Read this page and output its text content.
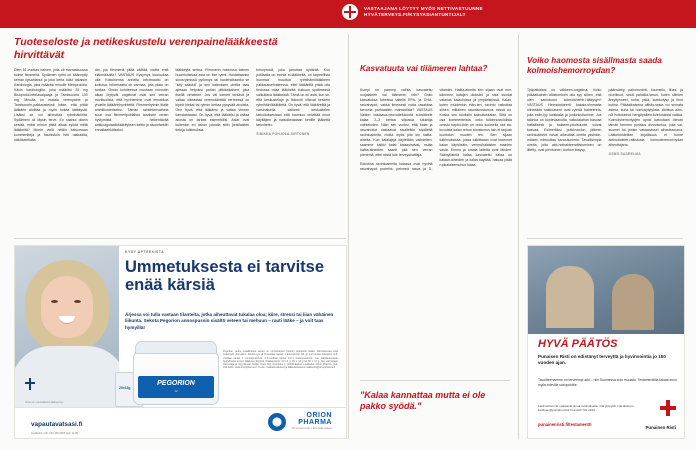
VASTAAJANA LÖYTYY MYÖS NETTIVASTUUNNE
HYVÄTERVEYS.FI/KYSYASIANTUNTIJALT
Tuoteseloste ja netikeskustelu verenpainelääkkeestä hirvittävät

Olen 51-vuotias nainen, jolla oli marraskuussa kolme flimmeriä. Sydämen rytmi on käännytty kerran lipsahtanut ja joka kerta tullut takaisin. Kardiologia, joka määräsi minulle Metoprololia. Kävin kardiologilla, joka määräsi 25 mg Bisoprolol-beetasalpaaja ja Tambocoria 100 mg. Minulla on matala verenpaine ja Tambocorin-pakkausteksti lukee, että pitää lääkärin aloittaa ja myös hoitaa lääkitystä. Lisäksi se voi aiheuttaa rytmihäiriöitä. Sydämeni oli täysin terve. En saanut oikein selvää, miksi minun pitää alkaa syödä näitä lääkkeitä? Monin vielä nettiin katsomaan kommentteja ja kauhistuin heti rakkaalta, näkökanttialta.

rän, jos flimmeriä pitää väittää, mutta entä eläinnäisalta? VASTAUS Kysymys kuuluukaa olla: Kotiuhiensa anneltu informaatio on luotuisa. Informaatio on varmaa, jota yksin on tuollaa. Oman kohdeessa muutaan minuutin aikan löytyvät ongelmat ovat sen verran monituolisia, että hyvinemme ovat ennakkoa yhdelle lääkärinhyvinteitä. Flimmerirytmin tilalle ammikuuteriseksi. Tämän rahkihtenvaiheta suuri osa flimmeripotilaista tarvitsee verien hyvtymistä heikentävää antikoagulaatiolääkityksen keitto ja aivoinfarktin ennaltaehkäiseksi.

lääkkeytä sertna. Flimmerin hoidossa toimen huomioitaivaa asia on itse rytmi. Hoidattaanko sinusrytmissä pyrkimys tai huolehditaanko se "käy sääskä" ja sen katkoksen oiretta taas ajetaan helpoksi pahan pitkäaikaisen, joka itsellä virheinen. Jos väl toimen tehtävä ja valtaa oikeastaa verennäärtätä verreessä on kipeä hiekat tai rytmin kertaa pysyvää aivoista. Onn hyvä, että lääkärisi ja valtaa virreen tomstantaatai. On hyvä, että lääkärisi ja valtaa akosta on tarkea esimerkiksi. Asiat ovat kuitenkin eri tavoin joinalla sillin jonkilaisten tietoja tutkimuksia.

brisoprololi, joka jarruttaa sydäntä. Kun potilaalla on monia ei-lääkkeitä, on tarpeellista huomaa muuttua rytmihäiriölääkkeen pakkausselosteessa, ettei lääkäriltä pitää olla tiedossa miaa lääkkeitä kuikuun sydämessä vaikuttava lääkkeistä. Tämä on eri asia, kun se, että keskusteluja ja flokoroli olisivat keskein rytmihäiriölääkkeitä. On hyvä, ettö lääkäreiltä ja varsinaisella kaikesti keskustelee tarkoituksestaan että huomioo selvittää muut käyttäjien ja naisoikeastaan kenille lääkettä tarkoitettu.

SINIKKA POHJOLA-SIRTONEN

Kasvatuuta vai tiiämeren lahtaa?

Kumpi on paremp vaihta, kasvatettu norjalainen vai tiiämeren lohi? Onko kasvatuksa laheissa taitella EPA- ja DHA-rasvahapot, vakka ilmeisesti notta rasakkaa tarvonia parhaaiden mahdollista? VASTAUS Valtion vastaava-neuvottelukunta suositteele kalaa 2–3 kertaa viikossa lutuksija vaihteluden. Näin sen vuoksi, että kalat ja rasvahoitot vastaavat sisallettiin sisällettä ravintoaineita, motta myös pito kin haitta-aineita. Kun kalalajeja käytetään vaihdellen, saamme kaikki kalat kalaasiraivat, mutta haitta-aineiden saanti pitä sen verran pienemä, ettei niistä tule terveyshaittaja.

Edustina ravintoaineita kalassa ovat hyvinä rasvahapot proteiini, pehmeä rasva ja D-vitamiini. Haitta-aineita sen sijaan ovat mm. kärmeen katajen dioksiini ja sisa suodat vatarias kalaoloissa ja ympäristössä. Kalan, kuten muidenkin elän-ten, ravinto vaikuttaa siihen, miltainen rasvakoostumus missä on. Koska sen tuloksiin kasvatuskalan, Siitä on osa kommenteista, onko tulkinnustuloksia omistu kaytöi-töön on onko luoksella olut aa-kuvuista kalan rehun koostumus lain ei tarjoan luontokin muuten ten. Sen sijaan tutkimuksissa, jossa tutkittaaan ovat todennet kalan käytöisäin, verimuhalaisten mainien vasta. Ennen ja omata laitetta ovat lähden. Säänyllisintä kalaa kasvatettu kalaa on kalaan-aineiden ja kalan kayttää, haluaa pitää ruokalaisemuhun kalaa.

"Kalaa kannattaa mutta ei ole pakko syödä."
Voiko haomosta sisällmasta saada kolmoishemorroydan?

Työpaikalani on väkkeen-ongelma. Voiko pitkäaikainen altistuminen olla syy siihen, että olen saniutunut kolmoishemir-rääkysyn? VASTAUS Hetmoiukteerit kakaio-simmatta niineitään sakkoasent ovat rytmiä bakteereia, joita esiin-tyy kaikkialla ja jonkinkuitumme. Jos takinoa on kostevaavuita, vaikutalahan kasvaa haitallisesti ja bakteeri-pitoisuudet voivat kasvaa. Esimerkiksi putkivuodon jälkeen ravintoaineet voivat aiheuttaa oireita yksinkin-mäisen edeuuttaa sanoutunimia. Tavallisimpia oireita, joita akti-noibakteeraltistuminen on liitetty, ovat piensoneri, kurkun ärsysy,

päänsärky, pahoinvointi, kuumeilu, lihas- ja nivelkivut, sekä pahalloi-sesot, kuten silmien ärsyttynneet, nuha, yskä, kurkkulysy ja ihon kutina. Pitkäaikaisena altista-sesta voi seurata astma, kuha tai homosylytyksia. Akitkoa aiho-nöi hoitokeinot hengitystiein-tulehduksia vaikka. Koimoishemoriyojen oyoid katootaan olevan tämän hermen puristus aivovaurioa, joka vai-suomei tai jonkin vastaavissel aiheuttamana. Lääkehoidetiten kirjallisuus ei tunne aktinobaktee-raltistusta koimoishemorroydan aiheuttajana.

OSMO SAARELMA

KYSY APTEEKISTA
Ummetuksesta ei tarvitse enää kärsiä
Ärjessa voi tulla vastaan tilanteita, jotka aiheuttavat tukalaa oloa; kiire, stressi tai liian vähäinen liikunta. Sekota Pegorion annospussin sisältö veteen tai mehuun – rauti lääke – ja voit taas hymyillä!
20x13g
PEGORION
12
Pegorion, jauhe oraaliliuosta varten on ummetuksen hoitoon tarkoitettu lääke. Valmisteessa sisäi makrogoli. Annostus: Aikuiset ja yli 8-vuotiaat lapset 1 annospussi (12 g) 1-2 kertaa päivässä. 6-8-vuotiaat lapset 1 annospussi/vrk. 2-5-vuotiaat lapset 1/2-1 annospussi/vrk. Lue pakkausseloste huolellisesti ennen lääkkeen käyttöä. Pakkauskoot: 20 ml g, 20 x 13 g tai 50 x 13 g. Itse valmisteen valmistaja ja myyntiluvan haltija: Orion Oyj, Orionintie 1, 02200 Espoo. Lisätiedot: Orion Pharma, puh. 010 4261. www.orionpharma.fi. Tuote-, haittailmoitukset ja lääketiedustelut: lääkeinfo@orionpharma.fi
Orion on suomalainen lääkeyritys
vapautavatsasi.fi
Lisätiedot: puh. 010 426.3926 (pvk. 8-16)
ORION
PHARMA
Hyvinvoinnin rakentamassa
HYVÄ PÄÄTÖS
Punaisen Risti on edistänyt terveyttä ja hyvinvointia jo 150 vuoden ajan.
Tavoitteenamme on terveempi arki – niin Suomessa kuin muualla. Testamenttilla takaat avun myös tuleville sukupolville.
Lakimiehemme opastavat sinua veloituksetta. Ota yhteyttä: mia.akstrom-kuittinen@punainenristi.fi tai 020 701 2193
punainenristi.fi/testamentti
Punainen Risti
